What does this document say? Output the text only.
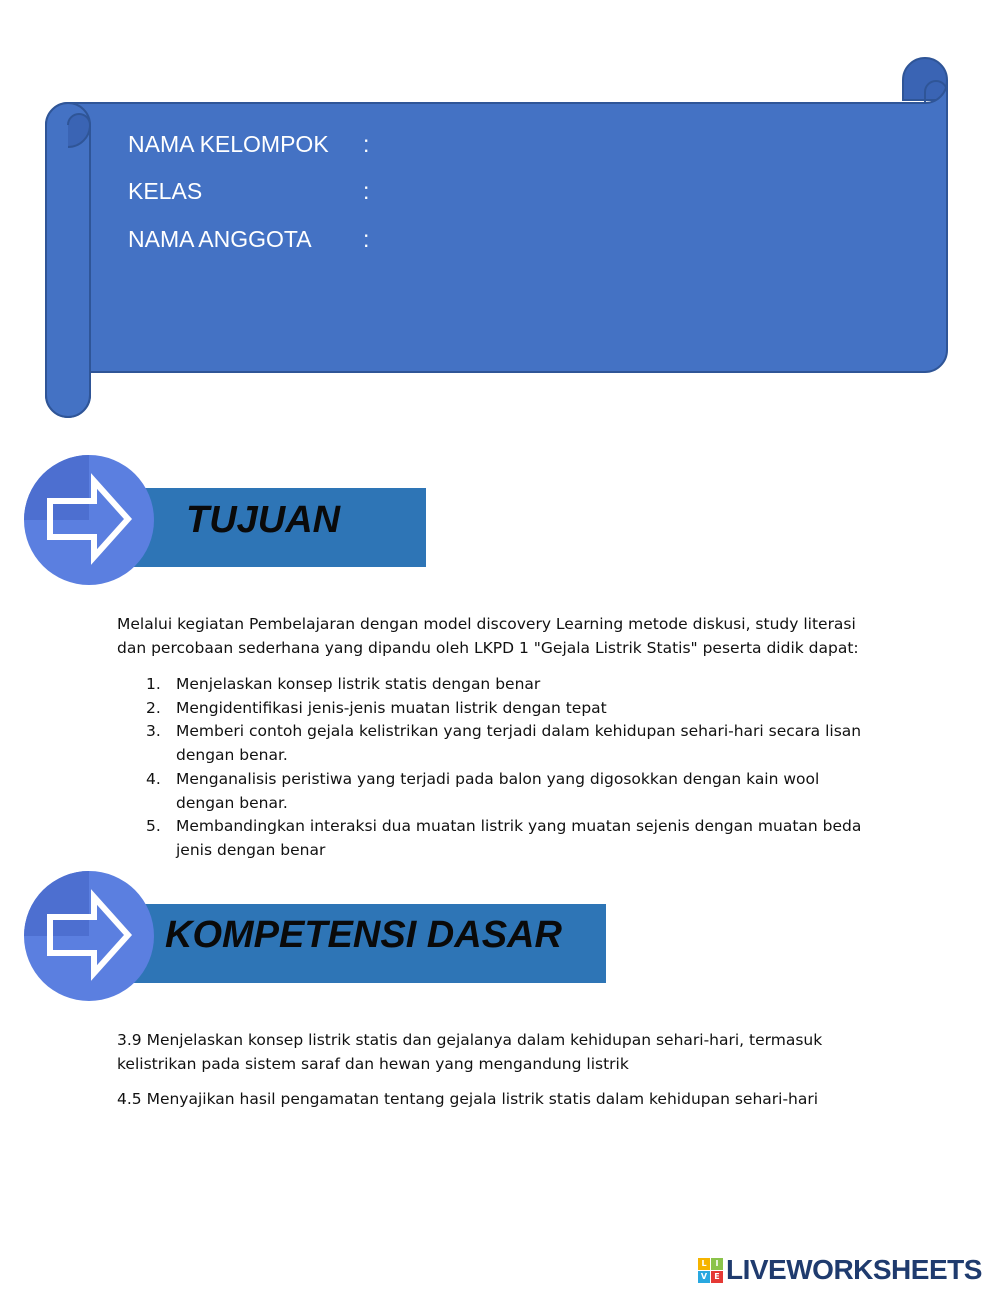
NAMA KELOMPOK :
KELAS	:
NAMA ANGGOTA :
TUJUAN
Melalui kegiatan Pembelajaran dengan model discovery Learning metode diskusi, study literasi dan percobaan sederhana yang dipandu oleh LKPD 1 "Gejala Listrik Statis" peserta didik dapat:
1. Menjelaskan konsep listrik statis dengan benar
2. Mengidentifikasi jenis-jenis muatan listrik dengan tepat
3. Memberi contoh gejala kelistrikan yang terjadi dalam kehidupan sehari-hari secara lisan dengan benar.
4. Menganalisis peristiwa yang terjadi pada balon yang digosokkan dengan kain wool dengan benar.
5. Membandingkan interaksi dua muatan listrik yang muatan sejenis dengan muatan beda jenis dengan benar
KOMPETENSI DASAR
3.9 Menjelaskan konsep listrik statis dan gejalanya dalam kehidupan sehari-hari, termasuk kelistrikan pada sistem saraf dan hewan yang mengandung listrik
4.5 Menyajikan hasil pengamatan tentang gejala listrik statis dalam kehidupan sehari-hari
L	I
V E LIVEWORKSHEETS
